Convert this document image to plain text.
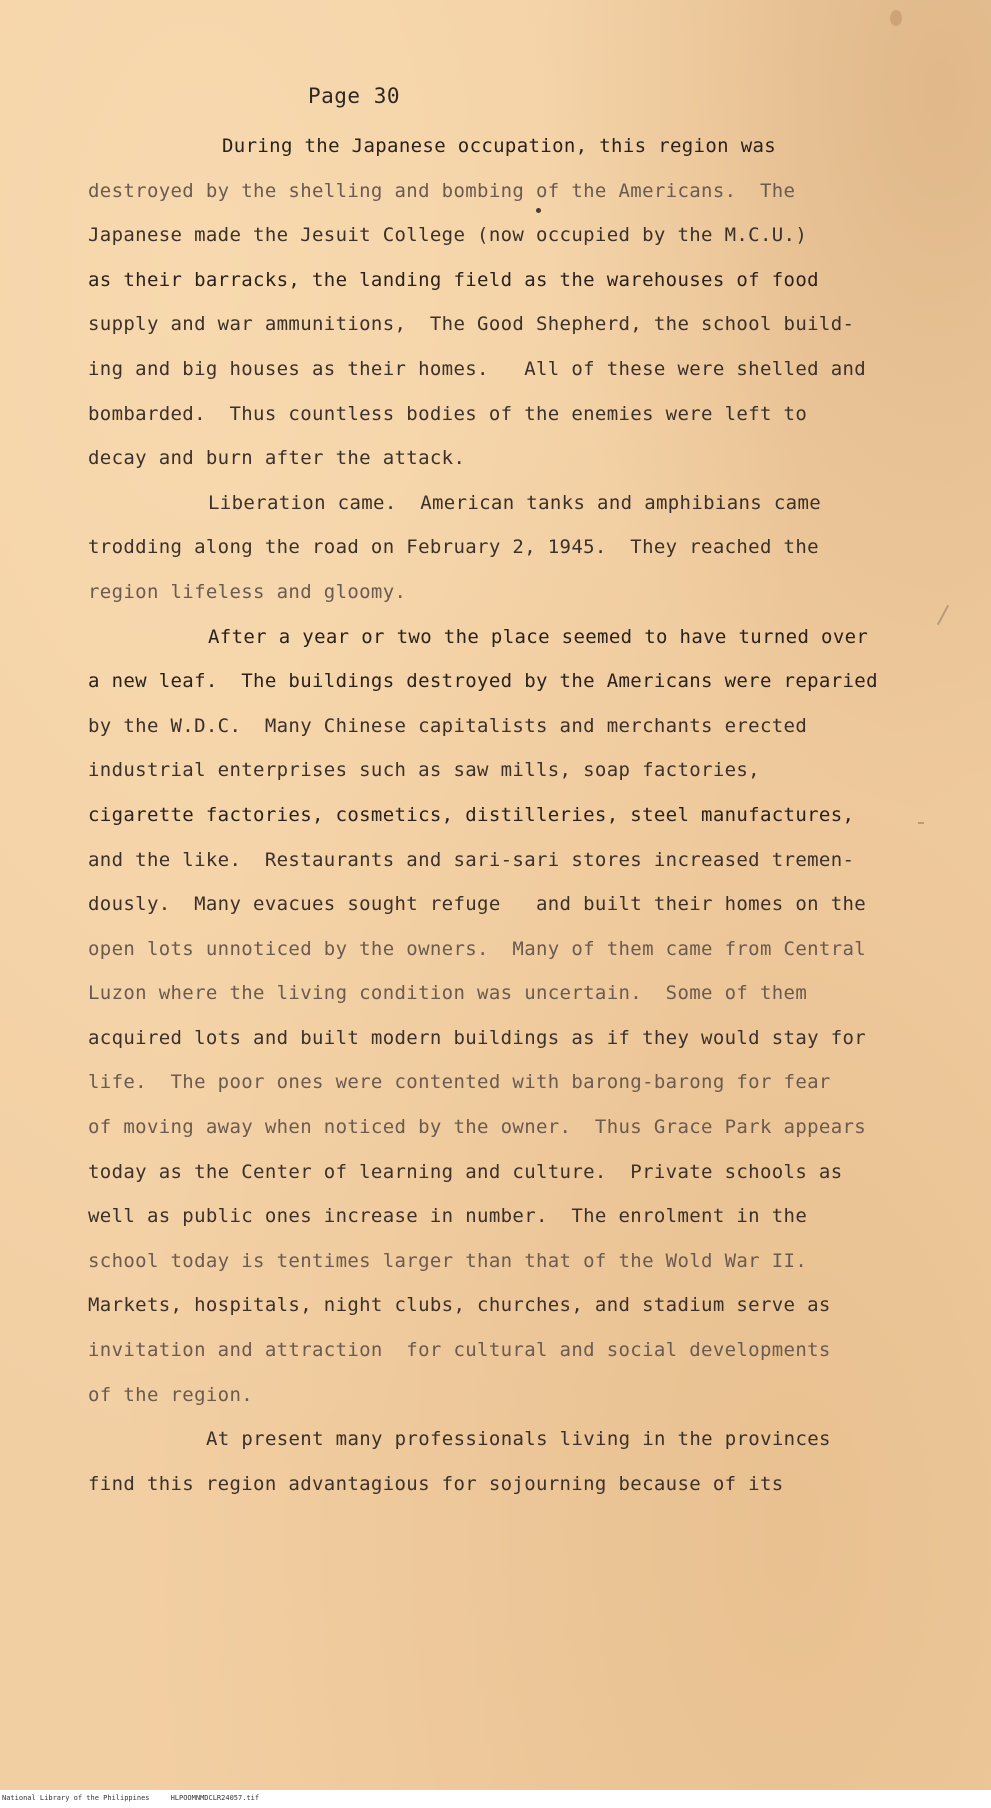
Page 30

During the Japanese occupation, this region was
destroyed by the shelling and bombing of the Americans.  The
Japanese made the Jesuit College (now occupied by the M.C.U.)
as their barracks, the landing field as the warehouses of food
supply and war ammunitions,  The Good Shepherd, the school build-
ing and big houses as their homes.   All of these were shelled and
bombarded.  Thus countless bodies of the enemies were left to
decay and burn after the attack.

Liberation came.  American tanks and amphibians came
trodding along the road on February 2, 1945.  They reached the
region lifeless and gloomy.

After a year or two the place seemed to have turned over
a new leaf.  The buildings destroyed by the Americans were reparied
by the W.D.C.  Many Chinese capitalists and merchants erected
industrial enterprises such as saw mills, soap factories,
cigarette factories, cosmetics, distilleries, steel manufactures,
and the like.  Restaurants and sari-sari stores increased tremen-
dously.  Many evacues sought refuge   and built their homes on the
open lots unnoticed by the owners.  Many of them came from Central
Luzon where the living condition was uncertain.  Some of them
acquired lots and built modern buildings as if they would stay for
life.  The poor ones were contented with barong-barong for fear
of moving away when noticed by the owner.  Thus Grace Park appears
today as the Center of learning and culture.  Private schools as
well as public ones increase in number.  The enrolment in the
school today is tentimes larger than that of the Wold War II.
Markets, hospitals, night clubs, churches, and stadium serve as
invitation and attraction  for cultural and social developments
of the region.

At present many professionals living in the provinces
find this region advantagious for sojourning because of its

National Library of the Philippines     HLPOOMNMDCLR24057.tif
